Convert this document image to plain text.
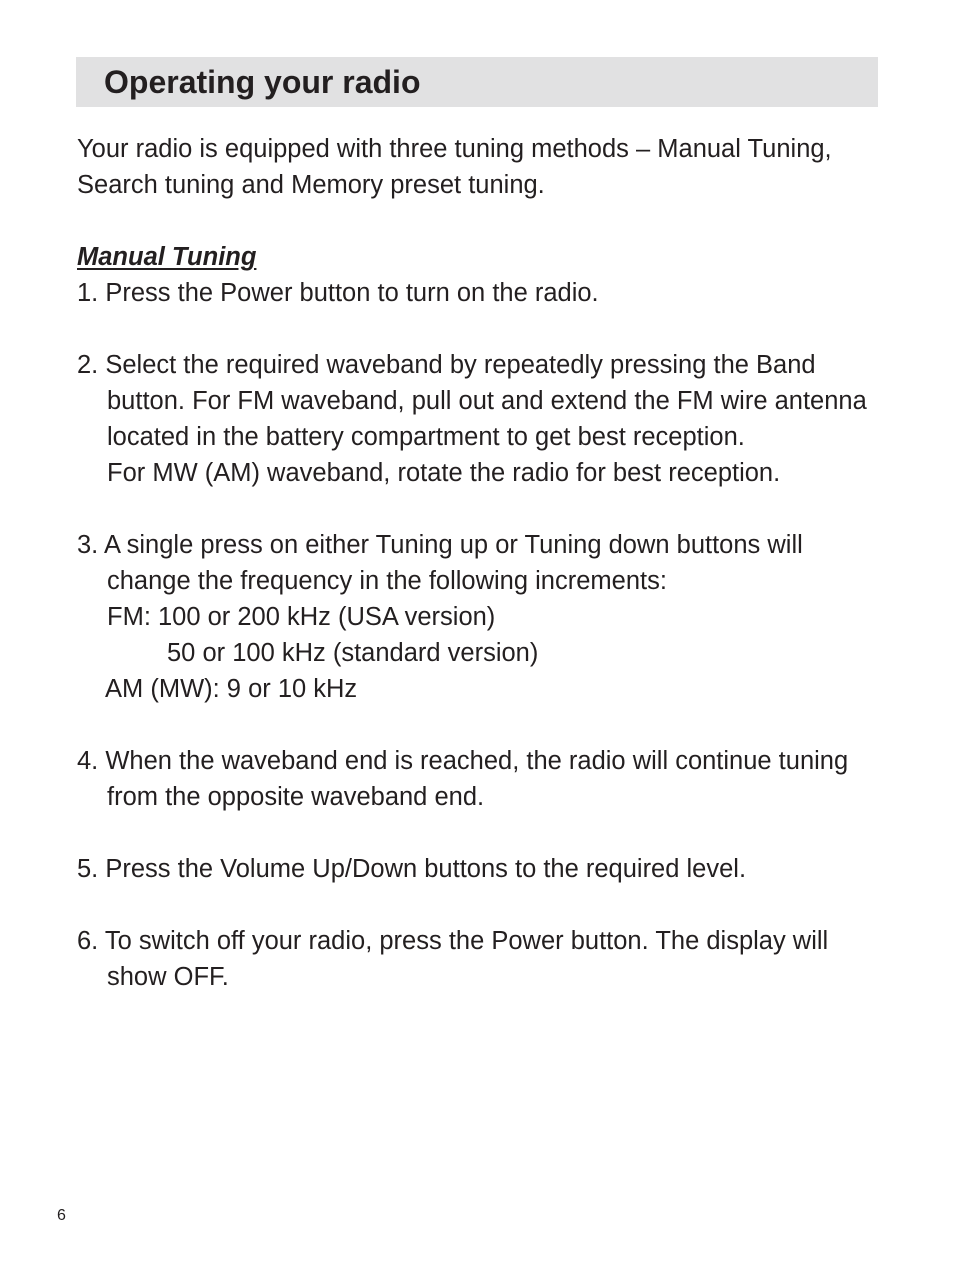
Operating your radio
Your radio is equipped with three tuning methods – Manual Tuning,
Search tuning and Memory preset tuning.
Manual Tuning
1. Press the Power button to turn on the radio.
2. Select the required waveband by repeatedly pressing the Band
button. For FM waveband, pull out and extend the FM wire antenna
located in the battery compartment to get best reception.
For MW (AM) waveband, rotate the radio for best reception.
3. A single press on either Tuning up or Tuning down buttons will
change the frequency in the following increments:
FM: 100 or 200 kHz (USA version)
50 or 100 kHz (standard version)
AM (MW): 9 or 10 kHz
4. When the waveband end is reached, the radio will continue tuning
from the opposite waveband end.
5. Press the Volume Up/Down buttons to the required level.
6. To switch off your radio, press the Power button. The display will
show OFF.
6
